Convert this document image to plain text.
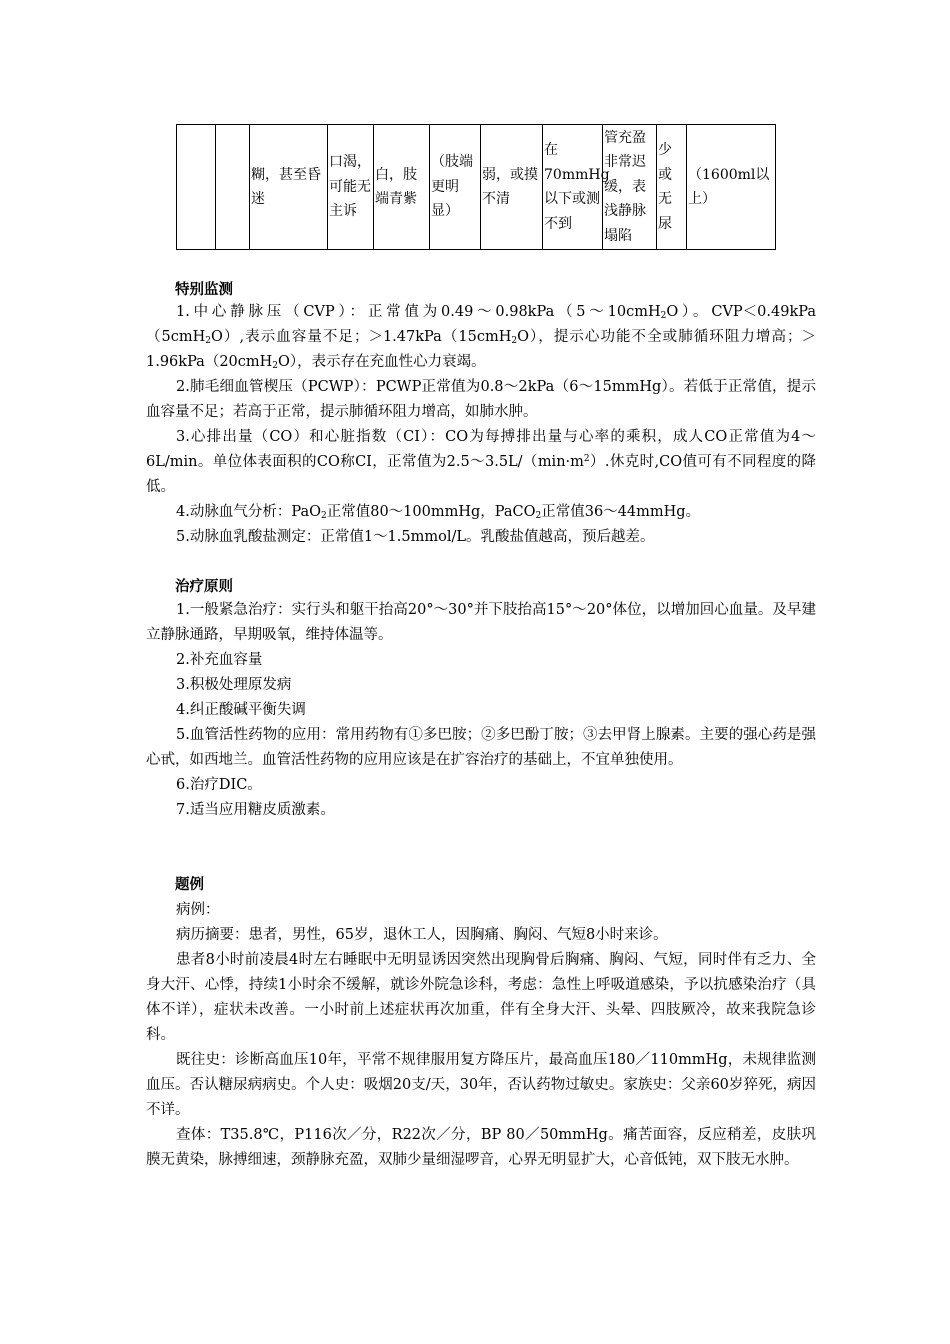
		糊，甚至昏迷	口渴，可能无主诉	白，肢端青紫	（肢端更明显）	弱，或摸不清	在70mmHg以下或测不到	管充盈非常迟缓，表浅静脉塌陷	少或无尿	（1600ml以上）
特别监测

1.中心静脉压（CVP）：正常值为0.49～0.98kPa（5～10cmH$_2$O）。CVP＜0.49kPa（5cmH$_2$O）,表示血容量不足；＞1.47kPa（15cmH$_2$O），提示心功能不全或肺循环阻力增高；＞1.96kPa（20cmH$_2$O），表示存在充血性心力衰竭。

2.肺毛细血管楔压（PCWP）：PCWP正常值为0.8～2kPa（6～15mmHg）。若低于正常值，提示血容量不足；若高于正常，提示肺循环阻力增高，如肺水肿。

3.心排出量（CO）和心脏指数（CI）：CO为每搏排出量与心率的乘积，成人CO正常值为4～6L/min。单位体表面积的CO称CI，正常值为$2.5\sim 3.5L/(\min\cdot m^2)$.休克时,CO值可有不同程度的降低。

4.动脉血气分析：PaO$_2$正常值80～100mmHg，PaCO$_2$正常值36～44mmHg。

5.动脉血乳酸盐测定：正常值1～1.5mmol/L。乳酸盐值越高，预后越差。

治疗原则

1.一般紧急治疗：实行头和躯干抬高20°～30°并下肢抬高15°～20°体位，以增加回心血量。及早建立静脉通路，早期吸氧，维持体温等。

2.补充血容量

3.积极处理原发病

4.纠正酸碱平衡失调

5.血管活性药物的应用：常用药物有①多巴胺；②多巴酚丁胺；③去甲肾上腺素。主要的强心药是强心甙，如西地兰。血管活性药物的应用应该是在扩容治疗的基础上，不宜单独使用。

6.治疗DIC。

7.适当应用糖皮质激素。

题例

病例：

病历摘要：患者，男性，65岁，退休工人，因胸痛、胸闷、气短8小时来诊。

患者8小时前凌晨4时左右睡眠中无明显诱因突然出现胸骨后胸痛、胸闷、气短，同时伴有乏力、全身大汗、心悸，持续1小时余不缓解，就诊外院急诊科，考虑：急性上呼吸道感染，予以抗感染治疗（具体不详），症状未改善。一小时前上述症状再次加重，伴有全身大汗、头晕、四肢厥冷，故来我院急诊科。

既往史：诊断高血压10年，平常不规律服用复方降压片，最高血压180／110mmHg，未规律监测血压。否认糖尿病病史。个人史：吸烟20支/天，30年，否认药物过敏史。家族史：父亲60岁猝死，病因不详。

查体：T35.8℃，P116次／分，R22次／分，BP 80／50mmHg。痛苦面容，反应稍差，皮肤巩膜无黄染，脉搏细速，颈静脉充盈，双肺少量细湿啰音，心界无明显扩大，心音低钝，双下肢无水肿。
